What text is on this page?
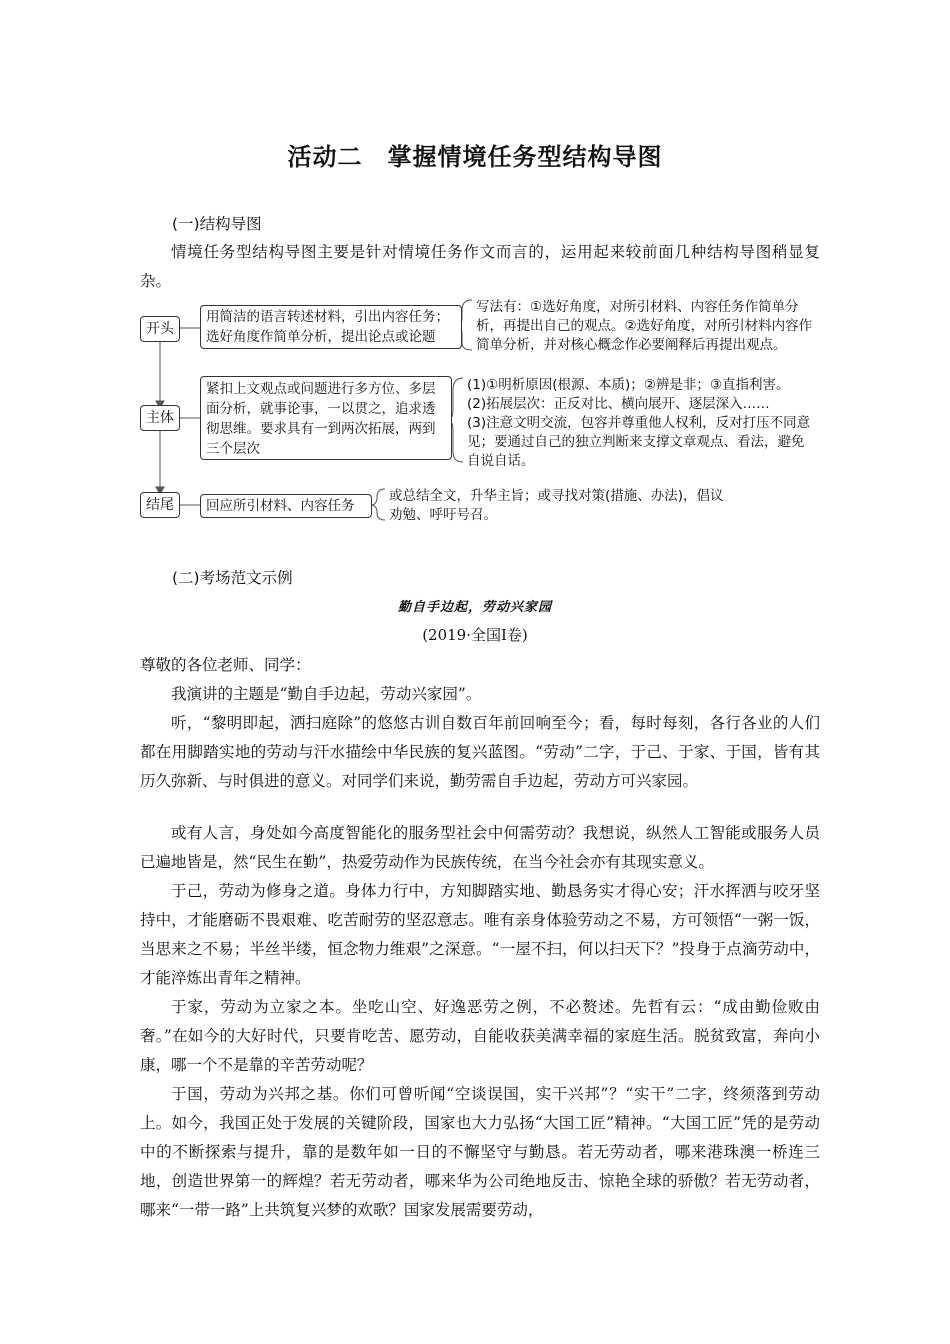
活动二　掌握情境任务型结构导图
(一)结构导图

情境任务型结构导图主要是针对情境任务作文而言的，运用起来较前面几种结构导图稍显复杂。

开头
用简洁的语言转述材料，引出内容任务；选好角度作简单分析，提出论点或论题
写法有：①选好角度，对所引材料、内容任务作简单分析，再提出自己的观点。②选好角度，对所引材料内容作简单分析，并对核心概念作必要阐释后再提出观点。
主体
紧扣上文观点或问题进行多方位、多层面分析，就事论事，一以贯之，追求透彻思维。要求具有一到两次拓展，两到三个层次
(1)①明析原因(根源、本质)；②辨是非；③直指利害。
(2)拓展层次：正反对比、横向展开、逐层深入……
(3)注意文明交流，包容并尊重他人权利，反对打压不同意见；要通过自己的独立判断来支撑文章观点、看法，避免自说自话。
结尾	回应所引材料、内容任务
或总结全文，升华主旨；或寻找对策(措施、办法)，倡议劝勉、呼吁号召。
(二)考场范文示例
勤自手边起，劳动兴家园
(2019·全国Ⅰ卷)

尊敬的各位老师、同学：

我演讲的主题是“勤自手边起，劳动兴家园”。

听，“黎明即起，洒扫庭除”的悠悠古训自数百年前回响至今；看，每时每刻，各行各业的人们都在用脚踏实地的劳动与汗水描绘中华民族的复兴蓝图。“劳动”二字，于己、于家、于国，皆有其历久弥新、与时俱进的意义。对同学们来说，勤劳需自手边起，劳动方可兴家园。

或有人言，身处如今高度智能化的服务型社会中何需劳动？我想说，纵然人工智能或服务人员已遍地皆是，然“民生在勤”，热爱劳动作为民族传统，在当今社会亦有其现实意义。

于己，劳动为修身之道。身体力行中，方知脚踏实地、勤恳务实才得心安；汗水挥洒与咬牙坚持中，才能磨砺不畏艰难、吃苦耐劳的坚忍意志。唯有亲身体验劳动之不易，方可领悟“一粥一饭，当思来之不易；半丝半缕，恒念物力维艰”之深意。“一屋不扫，何以扫天下？”投身于点滴劳动中，才能淬炼出青年之精神。

于家，劳动为立家之本。坐吃山空、好逸恶劳之例，不必赘述。先哲有云：“成由勤俭败由奢。”在如今的大好时代，只要肯吃苦、愿劳动，自能收获美满幸福的家庭生活。脱贫致富，奔向小康，哪一个不是靠的辛苦劳动呢？

于国，劳动为兴邦之基。你们可曾听闻“空谈误国，实干兴邦”？“实干”二字，终须落到劳动上。如今，我国正处于发展的关键阶段，国家也大力弘扬“大国工匠”精神。“大国工匠”凭的是劳动中的不断探索与提升，靠的是数年如一日的不懈坚守与勤恳。若无劳动者，哪来港珠澳一桥连三地，创造世界第一的辉煌？若无劳动者，哪来华为公司绝地反击、惊艳全球的骄傲？若无劳动者，哪来“一带一路”上共筑复兴梦的欢歌？国家发展需要劳动，
